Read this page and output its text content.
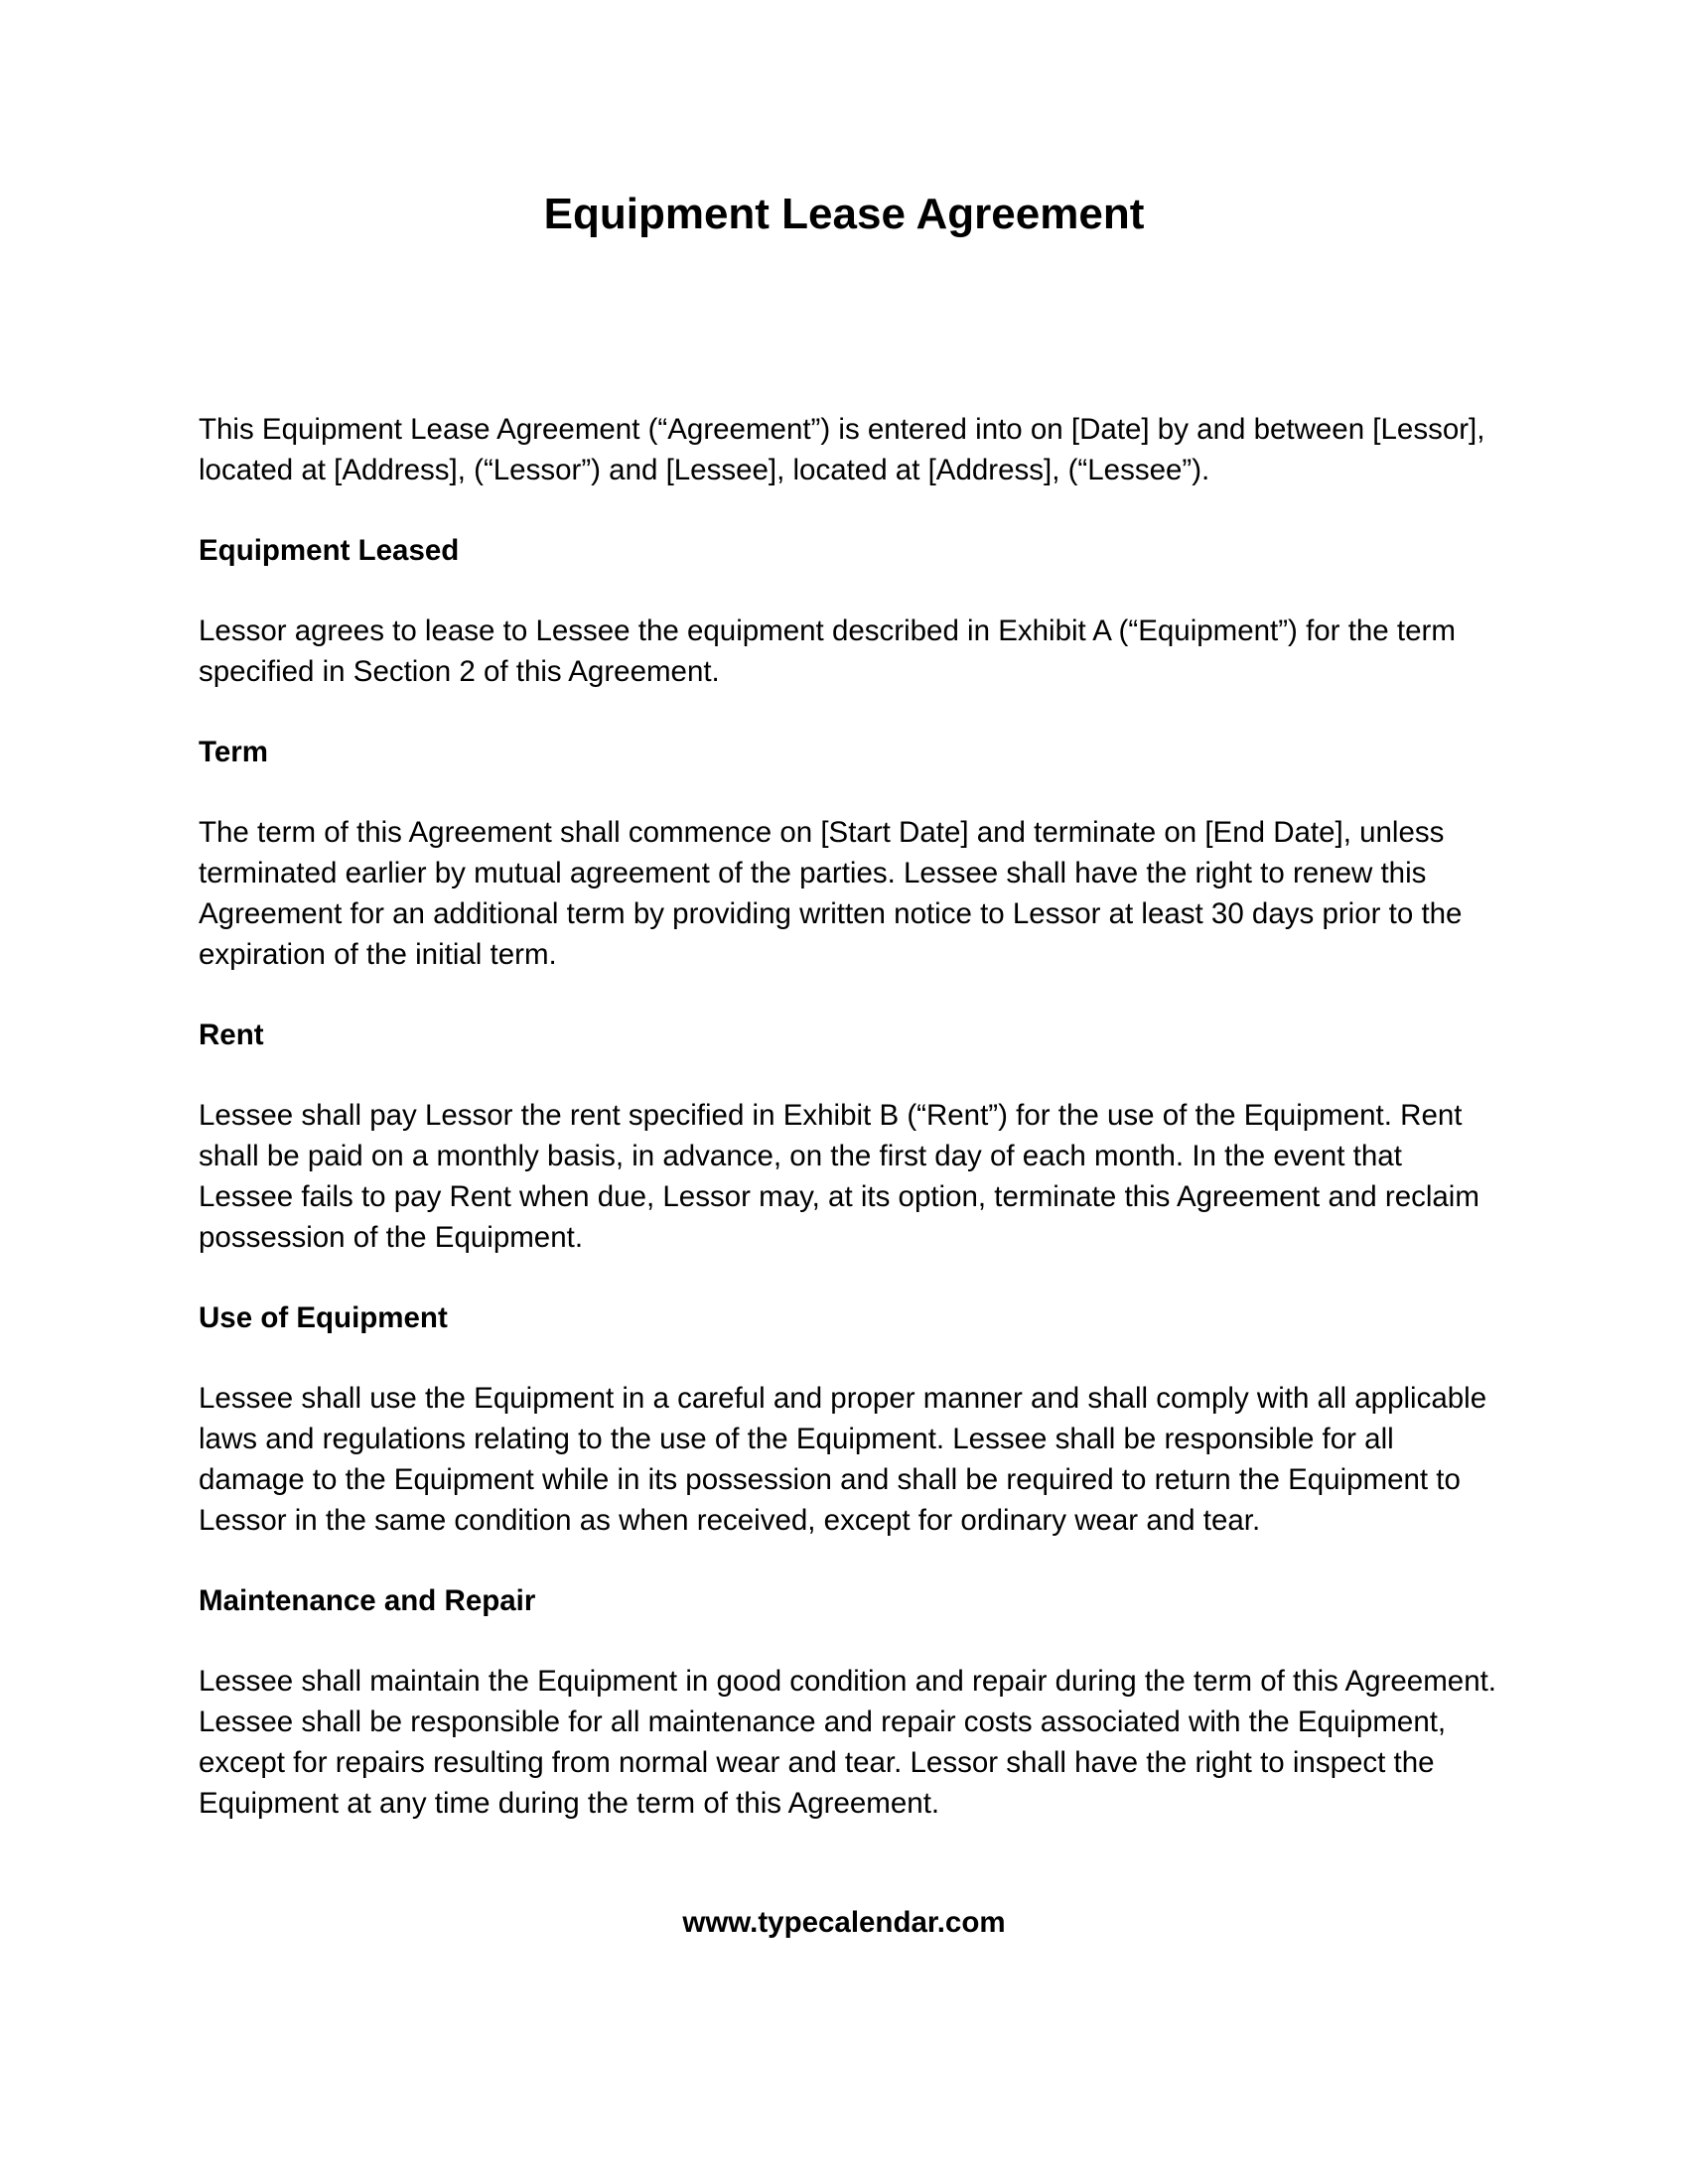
Equipment Lease Agreement

This Equipment Lease Agreement (“Agreement”) is entered into on [Date] by and between [Lessor], located at [Address], (“Lessor”) and [Lessee], located at [Address], (“Lessee”).

Equipment Leased

Lessor agrees to lease to Lessee the equipment described in Exhibit A (“Equipment”) for the term specified in Section 2 of this Agreement.

Term

The term of this Agreement shall commence on [Start Date] and terminate on [End Date], unless terminated earlier by mutual agreement of the parties. Lessee shall have the right to renew this Agreement for an additional term by providing written notice to Lessor at least 30 days prior to the expiration of the initial term.

Rent

Lessee shall pay Lessor the rent specified in Exhibit B (“Rent”) for the use of the Equipment. Rent shall be paid on a monthly basis, in advance, on the first day of each month. In the event that Lessee fails to pay Rent when due, Lessor may, at its option, terminate this Agreement and reclaim possession of the Equipment.

Use of Equipment

Lessee shall use the Equipment in a careful and proper manner and shall comply with all applicable laws and regulations relating to the use of the Equipment. Lessee shall be responsible for all damage to the Equipment while in its possession and shall be required to return the Equipment to Lessor in the same condition as when received, except for ordinary wear and tear.

Maintenance and Repair

Lessee shall maintain the Equipment in good condition and repair during the term of this Agreement. Lessee shall be responsible for all maintenance and repair costs associated with the Equipment, except for repairs resulting from normal wear and tear. Lessor shall have the right to inspect the Equipment at any time during the term of this Agreement.

www.typecalendar.com
